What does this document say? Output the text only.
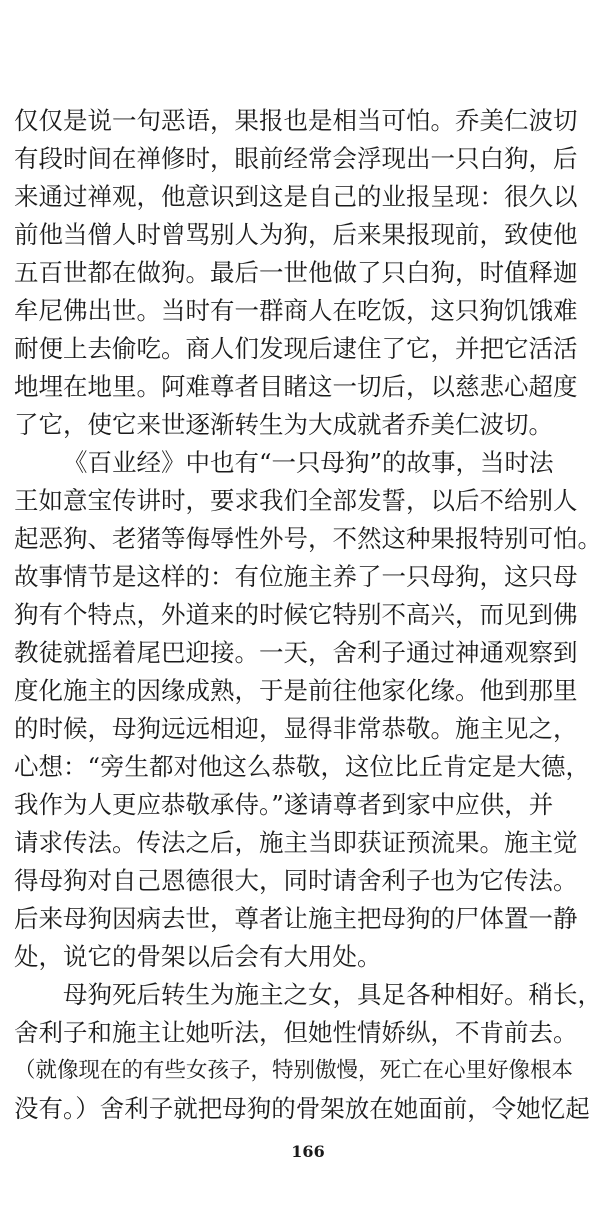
仅仅是说一句恶语，果报也是相当可怕。乔美仁波切
有段时间在禅修时，眼前经常会浮现出一只白狗，后
来通过禅观，他意识到这是自己的业报呈现：很久以
前他当僧人时曾骂别人为狗，后来果报现前，致使他
五百世都在做狗。最后一世他做了只白狗，时值释迦
牟尼佛出世。当时有一群商人在吃饭，这只狗饥饿难
耐便上去偷吃。商人们发现后逮住了它，并把它活活
地埋在地里。阿难尊者目睹这一切后，以慈悲心超度
了它，使它来世逐渐转生为大成就者乔美仁波切。
《百业经》中也有“一只母狗”的故事，当时法
王如意宝传讲时，要求我们全部发誓，以后不给别人
起恶狗、老猪等侮辱性外号，不然这种果报特别可怕。
故事情节是这样的：有位施主养了一只母狗，这只母
狗有个特点，外道来的时候它特别不高兴，而见到佛
教徒就摇着尾巴迎接。一天，舍利子通过神通观察到
度化施主的因缘成熟，于是前往他家化缘。他到那里
的时候，母狗远远相迎，显得非常恭敬。施主见之，
心想：“旁生都对他这么恭敬，这位比丘肯定是大德，
我作为人更应恭敬承侍。”遂请尊者到家中应供，并
请求传法。传法之后，施主当即获证预流果。施主觉
得母狗对自己恩德很大，同时请舍利子也为它传法。
后来母狗因病去世，尊者让施主把母狗的尸体置一静
处，说它的骨架以后会有大用处。
母狗死后转生为施主之女，具足各种相好。稍长，
舍利子和施主让她听法，但她性情娇纵，不肯前去。
（就像现在的有些女孩子，特别傲慢，死亡在心里好像根本
没有。）舍利子就把母狗的骨架放在她面前，令她忆起
166
